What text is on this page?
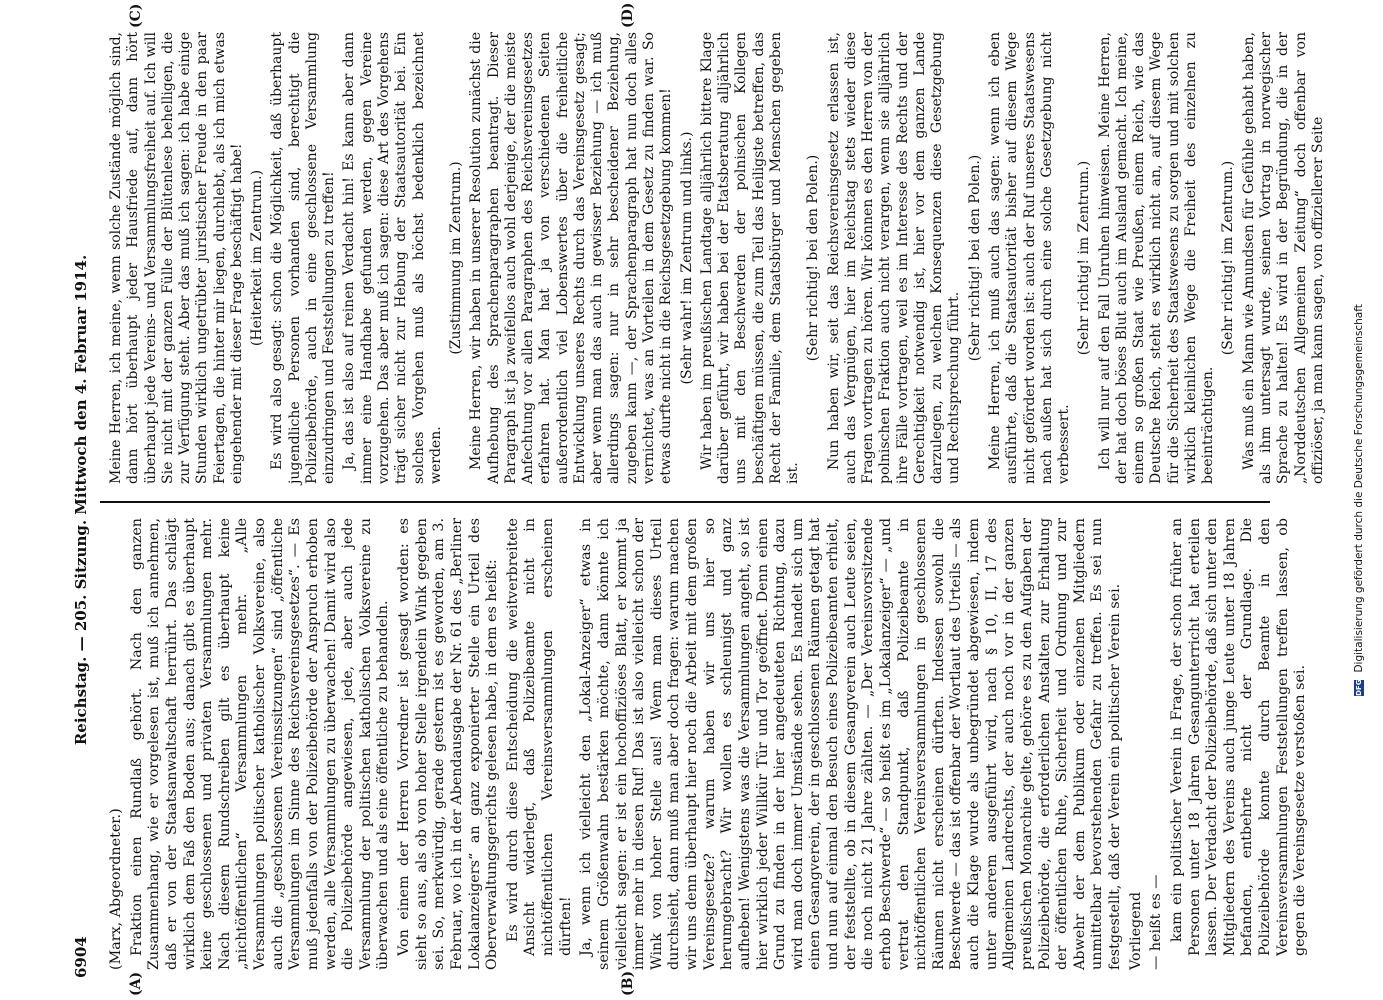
6904
Reichstag. — 205. Sitzung. Mittwoch den 4. Februar 1914.
(A)	(B)
(C)	(D)

(Marx, Abgeordneter.) Fraktion einen Rundlaß gehört. Nach den ganzen Zusammenhang, wie er vorgelesen ist, muß ich annehmen, daß er von der Staatsanwaltschaft herrührt. Das schlägt wirklich dem Faß den Boden aus; danach gibt es überhaupt keine geschlossenen und privaten Versammlungen mehr. Nach diesem Rundschreiben gilt es überhaupt keine „nichtöffentlichen“ Versammlungen mehr. „Alle Versammlungen politischer katholischer Volksvereine, also auch die „geschlossenen Vereinssitzungen“ sind „öffentliche Versammlungen im Sinne des Reichsvereinsgesetzes“. — Es muß jedenfalls von der Polizeibehörde der Anspruch erhoben werden, alle Versammlungen zu überwachen! Damit wird also die Polizeibehörde angewiesen, jede, aber auch jede Versammlung der politischen katholischen Volksvereine zu überwachen und als eine öffentliche zu behandeln. Von einem der Herren Vorredner ist gesagt worden: es sieht so aus, als ob von hoher Stelle irgendein Wink gegeben sei. So, merkwürdig, gerade gestern ist es geworden, am 3. Februar, wo ich in der Abendausgabe der Nr. 61 des „Berliner Lokalanzeigers“ an ganz exponierter Stelle ein Urteil des Oberverwaltungsgerichts gelesen habe, in dem es heißt: Es wird durch diese Entscheidung die weitverbreitete Ansicht widerlegt, daß Polizeibeamte nicht in nichtöffentlichen Vereinsversammlungen erscheinen dürften! Ja, wenn ich vielleicht den „Lokal-Anzeiger“ etwas in seinem Größenwahn bestärken möchte, dann könnte ich vielleicht sagen: er ist ein hochoffiziöses Blatt, er kommt ja immer mehr in diesen Ruf! Das ist also vielleicht schon der Wink von hoher Stelle aus! Wenn man dieses Urteil durchsieht, dann muß man aber doch fragen: warum machen wir uns denn überhaupt hier noch die Arbeit mit dem großen Vereinsgesetze? warum haben wir uns hier so herumgebracht? Wir wollen es schleunigst und ganz aufheben! Wenigstens was die Versammlungen angeht, so ist hier wirklich jeder Willkür Tür und Tor geöffnet. Denn einen Grund zu finden in der hier angedeuteten Richtung, dazu wird man doch immer Umstände sehen. Es handelt sich um einen Gesangverein, der in geschlossenen Räumen getagt hat und nun auf einmal den Besuch eines Polizeibeamten erhielt, der feststellte, ob in diesem Gesangverein auch Leute seien, die noch nicht 21 Jahre zählten. — „Der Vereinsvorsitzende erhob Beschwerde“ — so heißt es im „Lokalanzeiger“ — „und vertrat den Standpunkt, daß Polizeibeamte in nichtöffentlichen Vereinsversammlungen in geschlossenen Räumen nicht erscheinen dürften. Indessen sowohl die Beschwerde — das ist offenbar der Wortlaut des Urteils — als auch die Klage wurde als unbegründet abgewiesen, indem unter anderem ausgeführt wird, nach § 10, II, 17 des Allgemeinen Landrechts, der auch noch vor in der ganzen preußischen Monarchie gelte, gehöre es zu den Aufgaben der Polizeibehörde, die erforderlichen Anstalten zur Erhaltung der öffentlichen Ruhe, Sicherheit und Ordnung und zur Abwehr der dem Publikum oder einzelnen Mitgliedern unmittelbar bevorstehenden Gefahr zu treffen. Es sei nun festgestellt, daß der Verein ein politischer Verein sei. Vorliegend — heißt es — kam ein politischer Verein in Frage, der schon früher an Personen unter 18 Jahren Gesangunterricht hat erteilen lassen. Der Verdacht der Polizeibehörde, daß sich unter den Mitgliedern des Vereins auch junge Leute unter 18 Jahren befanden, entbehrte nicht der Grundlage. Die Polizeibehörde konnte durch Beamte in den Vereinsversammlungen Feststellungen treffen lassen, ob gegen die Vereinsgesetze verstoßen sei.

Meine Herren, ich meine, wenn solche Zustände möglich sind, dann hört überhaupt jeder Hausfriede auf, dann hört überhaupt jede Vereins- und Versammlungsfreiheit auf. Ich will Sie nicht mit der ganzen Fülle der Blütenlese behelligen, die zur Verfügung steht. Aber das muß ich sagen: ich habe einige Stunden wirklich ungetrübter juristischer Freude in den paar Feiertagen, die hinter mir liegen, durchlebt, als ich mich etwas eingehender mit dieser Frage beschäftigt habe! (Heiterkeit im Zentrum.) Es wird also gesagt: schon die Möglichkeit, daß überhaupt jugendliche Personen vorhanden sind, berechtigt die Polizeibehörde, auch in eine geschlossene Versammlung einzudringen und Feststellungen zu treffen! Ja, das ist also auf reinen Verdacht hin! Es kann aber dann immer eine Handhabe gefunden werden, gegen Vereine vorzugehen. Das aber muß ich sagen: diese Art des Vorgehens trägt sicher nicht zur Hebung der Staatsautorität bei. Ein solches Vorgehen muß als höchst bedenklich bezeichnet werden.

(Zustimmung im Zentrum.) Meine Herren, wir haben in unserer Resolution zunächst die Aufhebung des Sprachenparagraphen beantragt. Dieser Paragraph ist ja zweifellos auch wohl derjenige, der die meiste Anfechtung vor allen Paragraphen des Reichsvereinsgesetzes erfahren hat. Man hat ja von verschiedenen Seiten außerordentlich viel Lobenswertes über die freiheitliche Entwicklung unseres Rechts durch das Vereinsgesetz gesagt; aber wenn man das auch in gewisser Beziehung — ich muß allerdings sagen: nur in sehr bescheidener Beziehung, zugeben kann —, der Sprachenparagraph hat nun doch alles vernichtet, was an Vorteilen in dem Gesetz zu finden war. So etwas durfte nicht in die Reichsgesetzgebung kommen! (Sehr wahr! im Zentrum und links.) Wir haben im preußischen Landtage alljährlich bittere Klage darüber geführt, wir haben bei der Etatsberatung alljährlich uns mit den Beschwerden der polnischen Kollegen beschäftigen müssen, die zum Teil das Heiligste betreffen, das Recht der Familie, dem Staatsbürger und Menschen gegeben ist.

(Sehr richtig! bei den Polen.) Nun haben wir, seit das Reichsvereinsgesetz erlassen ist, auch das Vergnügen, hier im Reichstag stets wieder diese Fragen vortragen zu hören. Wir können es den Herren von der polnischen Fraktion auch nicht verargen, wenn sie alljährlich ihre Fälle vortragen, weil es im Interesse des Rechts und der Gerechtigkeit notwendig ist, hier vor dem ganzen Lande darzulegen, zu welchen Konsequenzen diese Gesetzgebung und Rechtsprechung führt.

(Sehr richtig! bei den Polen.) Meine Herren, ich muß auch das sagen: wenn ich eben ausführte, daß die Staatsautorität bisher auf diesem Wege nicht gefördert worden ist: auch der Ruf unseres Staatswesens nach außen hat sich durch eine solche Gesetzgebung nicht verbessert.

(Sehr richtig! im Zentrum.) Ich will nur auf den Fall Unruhen hinweisen. Meine Herren, der hat doch böses Blut auch im Ausland gemacht. Ich meine, einem so großen Staat wie Preußen, einem Reich, wie das Deutsche Reich, steht es wirklich nicht an, auf diesem Wege für die Sicherheit des Staatswesens zu sorgen und mit solchen wirklich kleinlichen Wege die Freiheit des einzelnen zu beeinträchtigen.

(Sehr richtig! im Zentrum.) Was muß ein Mann wie Amundsen für Gefühle gehabt haben, als ihm untersagt wurde, seinen Vortrag in norwegischer Sprache zu halten! Es wird in der Begründung, die in der „Norddeutschen Allgemeinen Zeitung“ doch offenbar von offiziöser, ja man kann sagen, von offiziellerer Seite

DFG Digitalisierung gefördert durch die Deutsche Forschungsgemeinschaft
